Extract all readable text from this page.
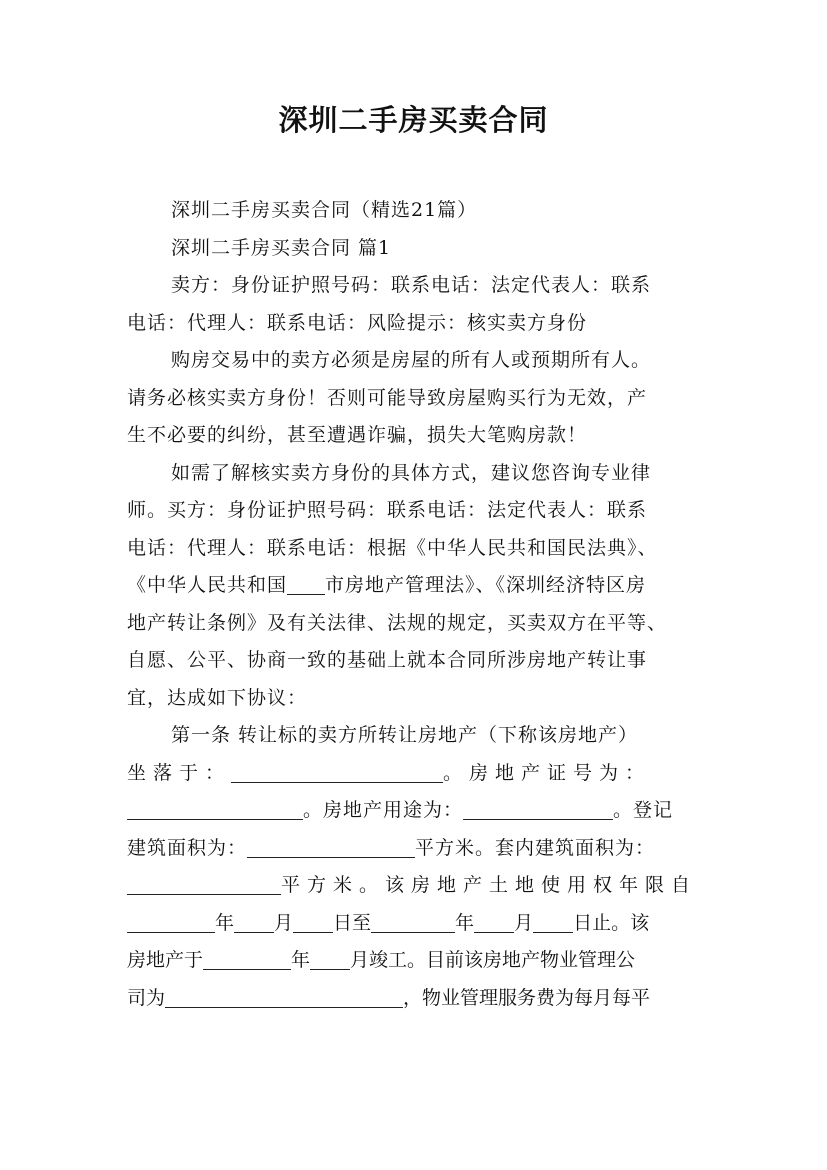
深圳二手房买卖合同
深圳二手房买卖合同（精选21篇）
深圳二手房买卖合同 篇1
卖方：身份证护照号码：联系电话：法定代表人：联系
电话：代理人：联系电话：风险提示：核实卖方身份
购房交易中的卖方必须是房屋的所有人或预期所有人。
请务必核实卖方身份！否则可能导致房屋购买行为无效，产
生不必要的纠纷，甚至遭遇诈骗，损失大笔购房款！
如需了解核实卖方身份的具体方式，建议您咨询专业律
师。买方：身份证护照号码：联系电话：法定代表人：联系
电话：代理人：联系电话：根据《中华人民共和国民法典》、
《中华人民共和国 市房地产管理法》、《深圳经济特区房
地产转让条例》及有关法律、法规的规定，买卖双方在平等、
自愿、公平、协商一致的基础上就本合同所涉房地产转让事
宜，达成如下协议：
第一条 转让标的卖方所转让房地产（下称该房地产）
坐落于：	。房地产证号为：
。房地产用途为：	。登记
建筑面积为：	平方米。套内建筑面积为：
平方米。该房地产土地使用权年限自
年 月 日至	年 月 日止。该
房地产于	年 月竣工。目前该房地产物业管理公
司为	，物业管理服务费为每月每平
